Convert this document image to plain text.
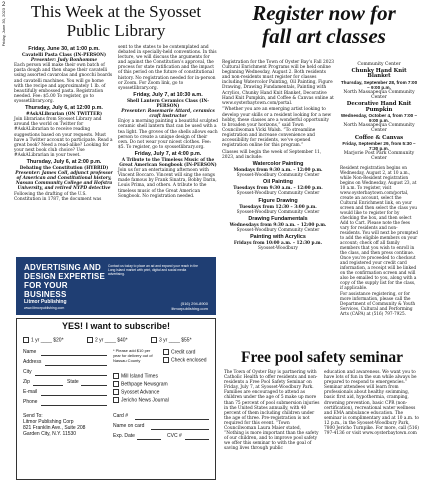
2
Friday, June 30, 2023 This Week at the Syosset Public Library
Register now for fall art classes
Friday, June 30, at 1:00 p.m.
Cavatelli Pasta Class (IN-PERSON)
Presenter: Judy Bonhomme

Each person will make their own batch of pasta dough and then shape their cavatelli using assorted cavarolas and gnocchi boards and cavatelli machines. You will go home with the recipe and approximately 1 lb. of beautifully embossed pasta. Registration needed. Fee: $5.00 To register, go to syossetlibrary.org.

Thursday, July 6, at 12:00 p.m.
#AskALibrarian (ON TWITTER)

Join librarians from Syosset Library and around the world on Twitter for #AskALibrarian to receive reading suggestions based on your requests. Must have a Twitter account to participate. Read a great book? Need a read-alike? Looking for your next book club choice? Use #AskALibrarian in your tweet.

Thursday, July 6, at 2:00 p.m.
Debating the Constitution (HYBRID)
Presenter: James Coll, adjunct professor of American and Constitutional history, Nassau Community College and Hofstra University, and retired NYPD detective

Following the drafting of the U.S. Constitution in 1787, the document was

sent to the states to be contemplated and debated in specially-held conventions. In this lecture, we will discuss the arguments for and against the Constitution’s approval, the process for state ratification and the impact of this period on the future of constitutional history. No registration needed for in-person or Zoom. For Zoom link, go to syossetlibrary.org.

Friday, July 7, at 10:30 a.m.
Shell Lantern Ceramics Class (IN-PERSON)
Presenter: Rosemarie Attard, ceramics craft instructor

Enjoy a morning painting a beautiful sculpted ceramic shell lantern that can be used with a tea light. The groves of the shells allows each person to create a unique design of their own. Do not wear your nicest clothes. Fee: $5. To register, go to syossetlibrary.org.

Friday, July 7, at 4:00 p.m.
A Tribute to the Timeless Music of the Great American Songbook (IN-PERSON)

Join us for an entertaining afternoon with Vincent Boccaro. Vincent will sing the songs made famous by Frank Sinatra, Bobby Darin, Louis Prima, and others. A tribute to the timeless music of the Great American Songbook. No registration needed.

ADVERTISING AND DESIGN EXPERTISE FOR YOUR BUSINESS
Contact us today to place an ad and expand your reach in the Long Island market with print, digital and social media advertising.
Litmor Publishing
www.litmorpublishing.com
(516) 294-8900
litmorpublishing.com
YES! I want to subscribe!
1 yr ____ $20*	2 yr ____ $40*	3 yr ____ $55*
Name
Address
City
Zip	State
E-mail
Phone
* Please add $10 per year for delivery out of Nassau County
Credit card
Check enclosed
Mill Island Times
Bethpage Newsgram
Syosset Advance
Jericho News Journal
Send To:
Litmor Publishing Corp
821 Franklin Ave., Suite 208
Garden City, N.Y. 11530
Card #
Name on card
Exp. Date	CVC #

Registration for the Town of Oyster Bay’s Fall 2023 Cultural Enrichment Programs will be held online beginning Wednesday, August 2. Both residents and non-residents must register for classes including Watercolor Painting, Oil Painting, Figure Drawing, Drawing Fundamentals, Painting with Acrylics, Chunky Hand Knit Blanket, Decorative Hand Knit Pumpkin, and Coffee & Canvas online at www.oysterbaytown.com/portal.

“Whether you are an emerging artist looking to develop your skills or a resident looking for a new hobby, these classes are a wonderful opportunity to broaden your horizons,” said Town Councilwoman Vicki Walsh. “To streamline registration and increase convenience and accessibility for residents, we’ve opened registration online for this program.”

Classes will begin the week of September 11, 2023, and include:

Watercolor Painting
Mondays from 9:30 a.m. – 12:00 p.m.
Syosset-Woodbury Community Center
Oil Painting
Tuesdays from 9:30 a.m. – 12:00 p.m.
Syosset-Woodbury Community Center
Figure Drawing
Tuesdays from 12:30 – 3:00 p.m.
Syosset-Woodbury Community Center
Drawing Fundamentals
Wednesdays from 9:30 a.m. – 12:00 p.m.
Syosset-Woodbury Community Center
Painting with Acrylics
Fridays from 10:00 a.m. – 12:30 p.m.
Syosset-Woodbury
Community Center
Chunky Hand Knit Blanket
Thursday, September 28, from 7:00 – 9:00 p.m.
North Massapequa Community Center
Decorative Hand Knit Pumpkin
Wednesday, October 4, from 7:00 – 9:00 p.m.
North Massapequa Community Center
Coffee & Canvas
Friday, September 29, from 5:30 – 7:30 p.m.
Marjorie Post Park Community Center

Resident registration begins on Wednesday, August 2, at 10 a.m., while Non-Resident registration begins on Wednesday, August 23, at 10 a.m. To register, visit www.oysterbaytown.com/portal, create an account, select the Cultural Enrichment link, on your screen and then select the class you would like to register for by checking the box, and then select Add to Cart. Please note the fees vary for residents and non-residents. You will next be prompted to add the eligible members on your account; check off all family members that you wish to enroll in the class, and then press continue. Once you’re proceeded to checkout and registered your credit card information, a receipt will be linked on the confirmation screen and will also be emailed to you, along with a copy of the supply list for the class, if applicable.

For assistance registering, or for more information, please call the Department of Community & Youth Services, Cultural and Performing Arts (CAPA) at (516) 797-7925.

Free pool safety seminar

The Town of Oyster Bay is partnering with Catholic Health to offer residents and non-residents a Free Pool Safety Seminar on Friday, July 7, at Syosset-Woodbury Park. Families are encouraged to attend as children under the age of 5 make up more than 75 percent of pool submersion injuries in the United States annually, with 40 percent of them including children under the age of three. Pre-registration is not required for this event. “Town Councilwoman Laura Maier stated, “Nothing is more important than the safety of our children, and to improve pool safety we offer this seminar to with the goal of saving lives through public

education and awareness. We want you to have lots of fun in the sun while always be prepared to respond to emergencies.” Seminar attendees will learn from professionals about healthy swimming, basic first aid, hypothermia, cramping, drowning prevention, basic CPR (non-certification), recreational water wellness and EMA ambulance education. The seminar is complimentary and at 10 a.m. to 12 p.m., in the Syosset-Woodbury Park, 7800 Jericho Turnpike. For more, call (516) 797-4136 or visit www.oysterbaytown.com
